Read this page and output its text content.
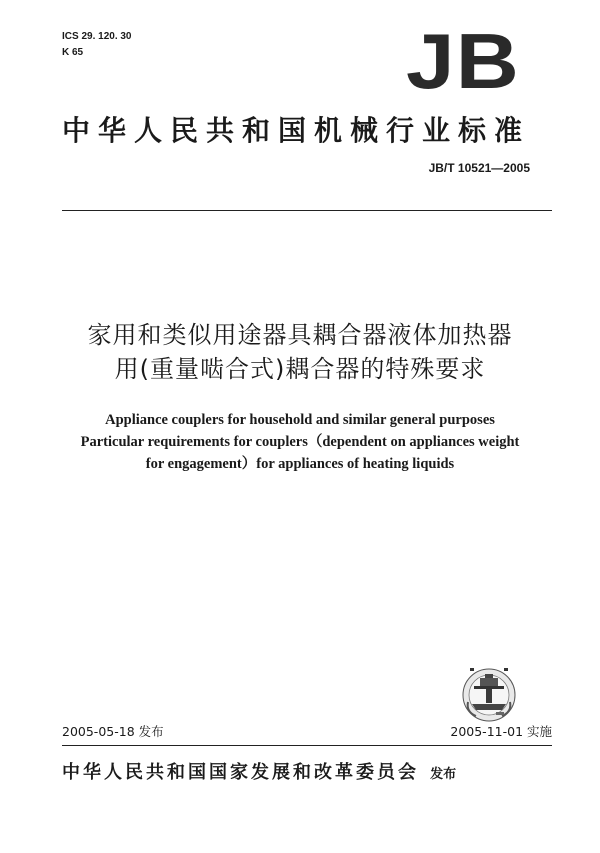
ICS 29. 120. 30
K 65	JB
中华人民共和国机械行业标准
JB/T 10521—2005
家用和类似用途器具耦合器液体加热器
用(重量啮合式)耦合器的特殊要求
Appliance couplers for household and similar general purposes
Particular requirements for couplers（dependent on appliances weight
for engagement）for appliances of heating liquids
2005-05-18 发布	2005-11-01 实施
中华人民共和国国家发展和改革委员会 发布
